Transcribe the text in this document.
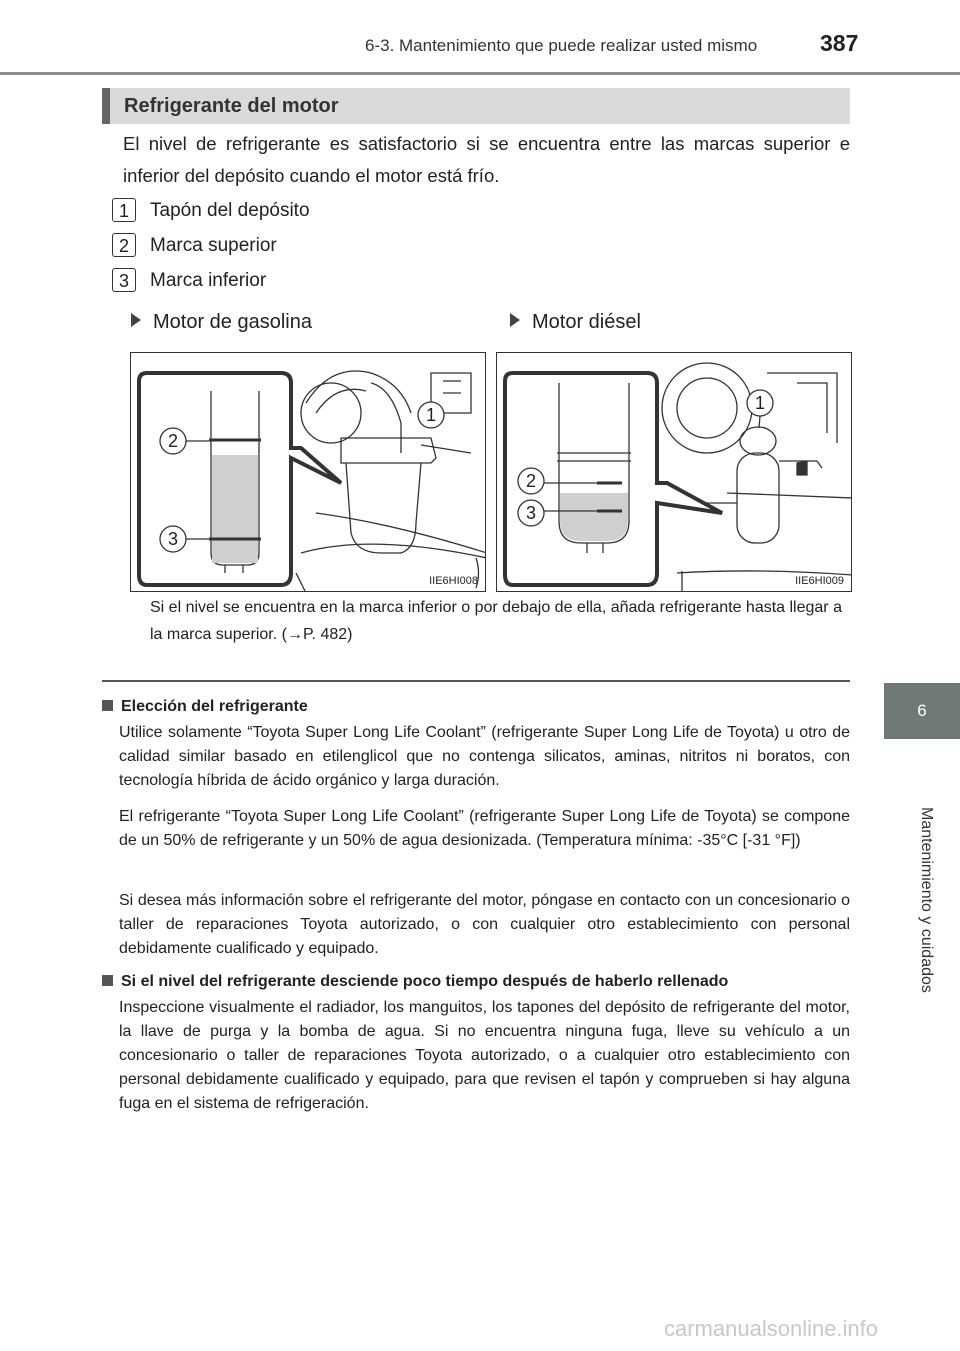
6-3. Mantenimiento que puede realizar usted mismo	387
6
Mantenimiento y cuidados
Refrigerante del motor
El nivel de refrigerante es satisfactorio si se encuentra entre las marcas superior e inferior del depósito cuando el motor está frío.
1	Tapón del depósito
2	Marca superior
3	Marca inferior
Motor de gasolina	Motor diésel
2
3
1
IIE6HI008
2
3
1
IIE6HI009
Si el nivel se encuentra en la marca inferior o por debajo de ella, añada refrigerante hasta llegar a la marca superior. (→P. 482)
Elección del refrigerante
Utilice solamente “Toyota Super Long Life Coolant” (refrigerante Super Long Life de Toyota) u otro de calidad similar basado en etilenglicol que no contenga silicatos, aminas, nitritos ni boratos, con tecnología híbrida de ácido orgánico y larga duración.
El refrigerante “Toyota Super Long Life Coolant” (refrigerante Super Long Life de Toyota) se compone de un 50% de refrigerante y un 50% de agua desionizada. (Temperatura mínima: -35°C [-31 °F])
Si desea más información sobre el refrigerante del motor, póngase en contacto con un concesionario o taller de reparaciones Toyota autorizado, o con cualquier otro establecimiento con personal debidamente cualificado y equipado.
Si el nivel del refrigerante desciende poco tiempo después de haberlo rellenado
Inspeccione visualmente el radiador, los manguitos, los tapones del depósito de refrigerante del motor, la llave de purga y la bomba de agua. Si no encuentra ninguna fuga, lleve su vehículo a un concesionario o taller de reparaciones Toyota autorizado, o a cualquier otro establecimiento con personal debidamente cualificado y equipado, para que revisen el tapón y comprueben si hay alguna fuga en el sistema de refrigeración.
carmanualsonline.info
